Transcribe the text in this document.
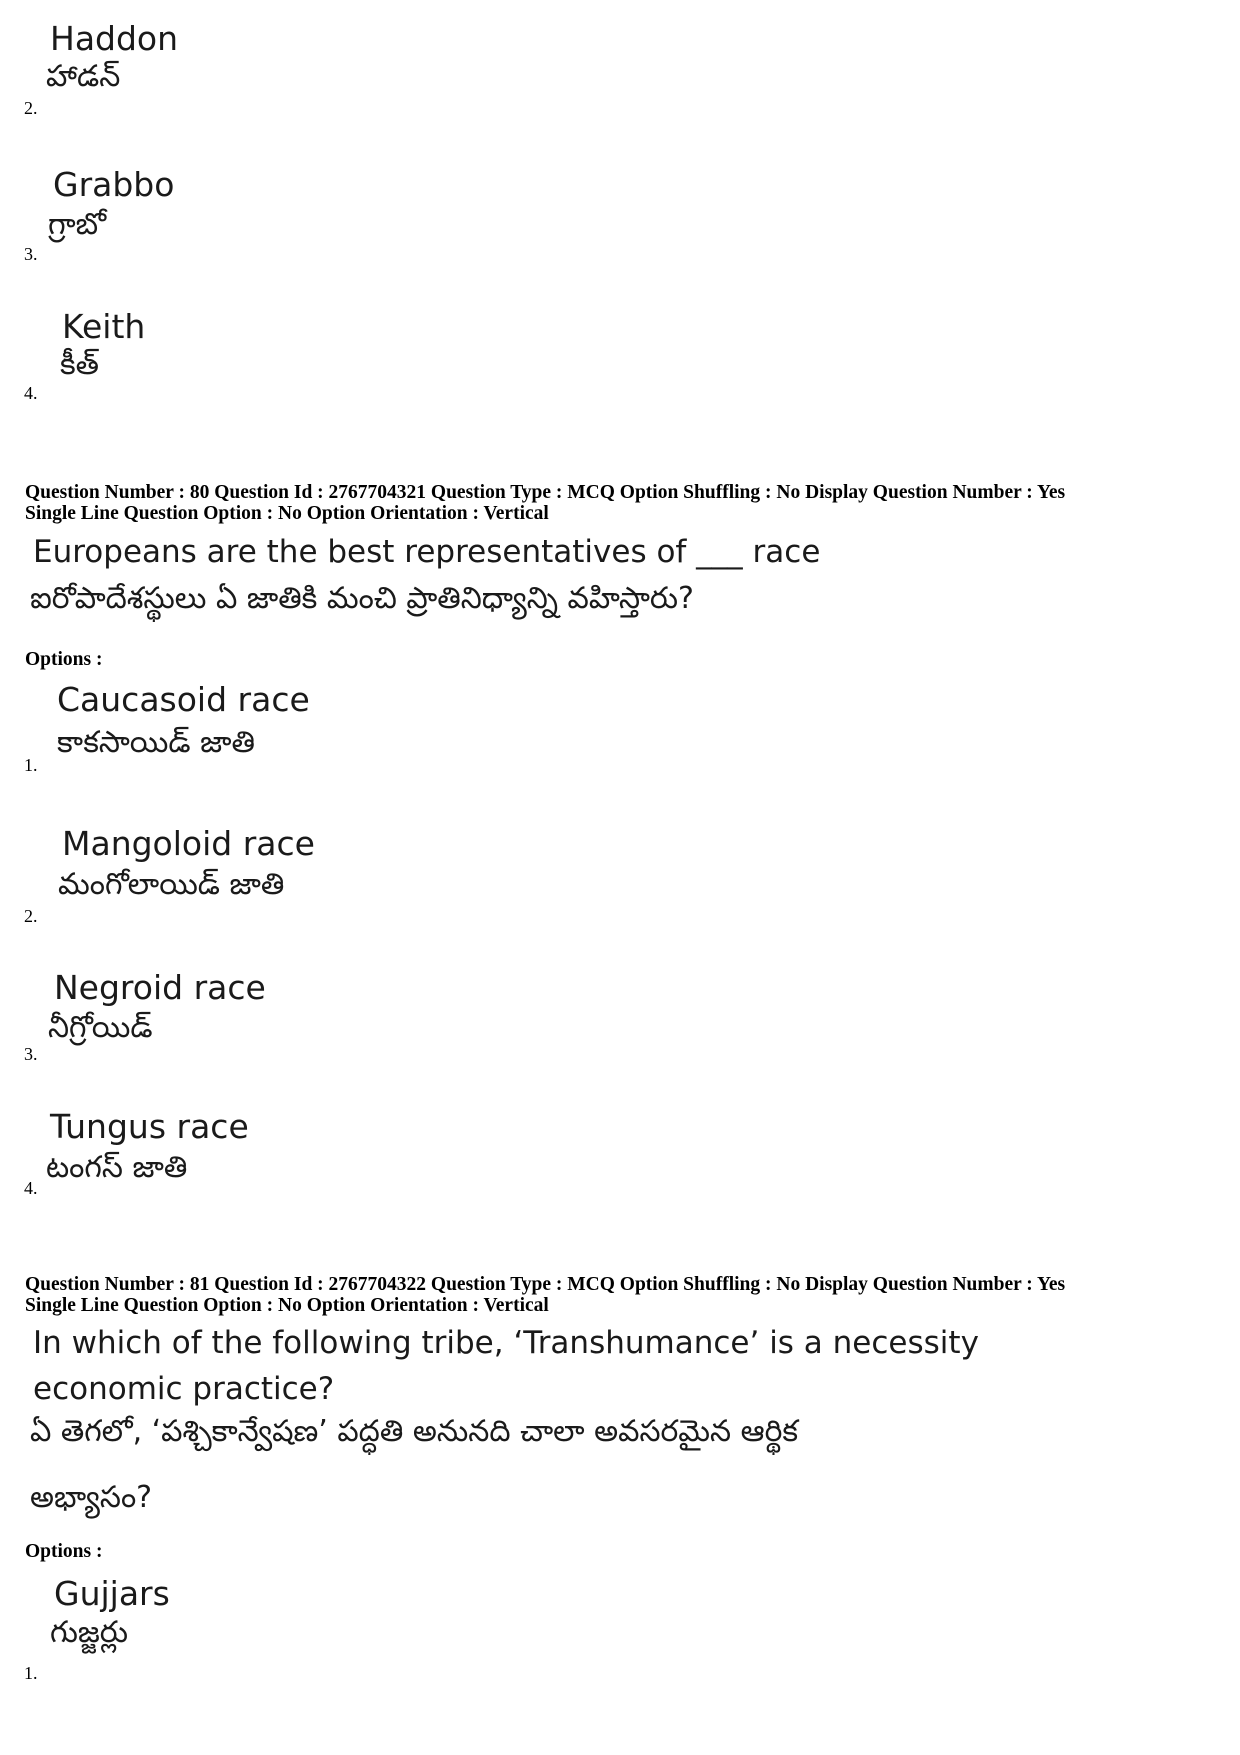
Haddon
హాడన్
2.
Grabbo
గ్రాబో
3.
Keith
కీత్
4.
Question Number : 80 Question Id : 2767704321 Question Type : MCQ Option Shuffling : No Display Question Number : Yes
Single Line Question Option : No Option Orientation : Vertical
Europeans are the best representatives of ___ race
ఐరోపాదేశస్థులు ఏ జాతికి మంచి ప్రాతినిధ్యాన్ని వహిస్తారు?
Options :
Caucasoid race
కాకసాయిడ్ జాతి
1.
Mangoloid race
మంగోలాయిడ్ జాతి
2.
Negroid race
నీగ్రోయిడ్
3.
Tungus race
టంగస్ జాతి
4.
Question Number : 81 Question Id : 2767704322 Question Type : MCQ Option Shuffling : No Display Question Number : Yes
Single Line Question Option : No Option Orientation : Vertical
In which of the following tribe, ‘Transhumance’ is a necessity
economic practice?
ఏ తెగలో, ‘పశ్చికాన్వేషణ’ పద్ధతి అనునది చాలా అవసరమైన ఆర్థిక
అభ్యాసం?
Options :
Gujjars
గుజ్జర్లు
1.
